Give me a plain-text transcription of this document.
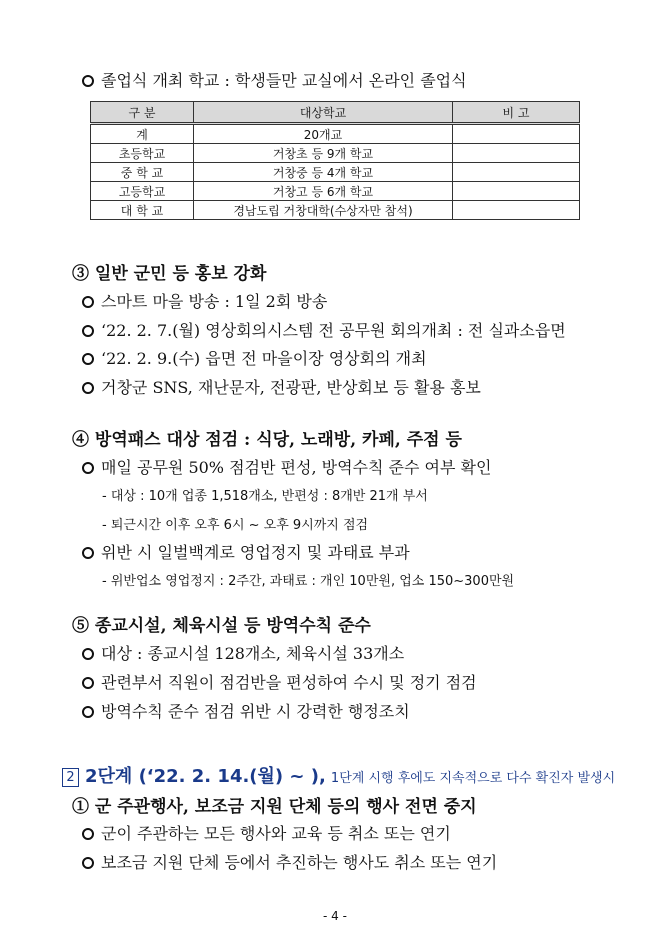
졸업식 개최 학교 : 학생들만 교실에서 온라인 졸업식
구 분	대상학교	비 고
계	20개교	
초등학교	거창초 등 9개 학교	
중 학 교	거창중 등 4개 학교	
고등학교	거창고 등 6개 학교	
대 학 교	경남도립 거창대학(수상자만 참석)	
③ 일반 군민 등 홍보 강화
스마트 마을 방송 : 1일 2회 방송
‘22. 2. 7.(월) 영상회의시스템 전 공무원 회의개최 : 전 실과소읍면
‘22. 2. 9.(수) 읍면 전 마을이장 영상회의 개최
거창군 SNS, 재난문자, 전광판, 반상회보 등 활용 홍보
④ 방역패스 대상 점검 : 식당, 노래방, 카페, 주점 등
매일 공무원 50% 점검반 편성, 방역수칙 준수 여부 확인
- 대상 : 10개 업종 1,518개소, 반편성 : 8개반 21개 부서
- 퇴근시간 이후 오후 6시 ~ 오후 9시까지 점검
위반 시 일벌백계로 영업정지 및 과태료 부과
- 위반업소 영업정지 : 2주간, 과태료 : 개인 10만원, 업소 150~300만원
⑤ 종교시설, 체육시설 등 방역수칙 준수
대상 : 종교시설 128개소, 체육시설 33개소
관련부서 직원이 점검반을 편성하여 수시 및 정기 점검
방역수칙 준수 점검 위반 시 강력한 행정조치
2 2단계 (‘22. 2. 14.(월) ~ ), 1단계 시행 후에도 지속적으로 다수 확진자 발생시
① 군 주관행사, 보조금 지원 단체 등의 행사 전면 중지
군이 주관하는 모든 행사와 교육 등 취소 또는 연기
보조금 지원 단체 등에서 추진하는 행사도 취소 또는 연기
- 4 -
